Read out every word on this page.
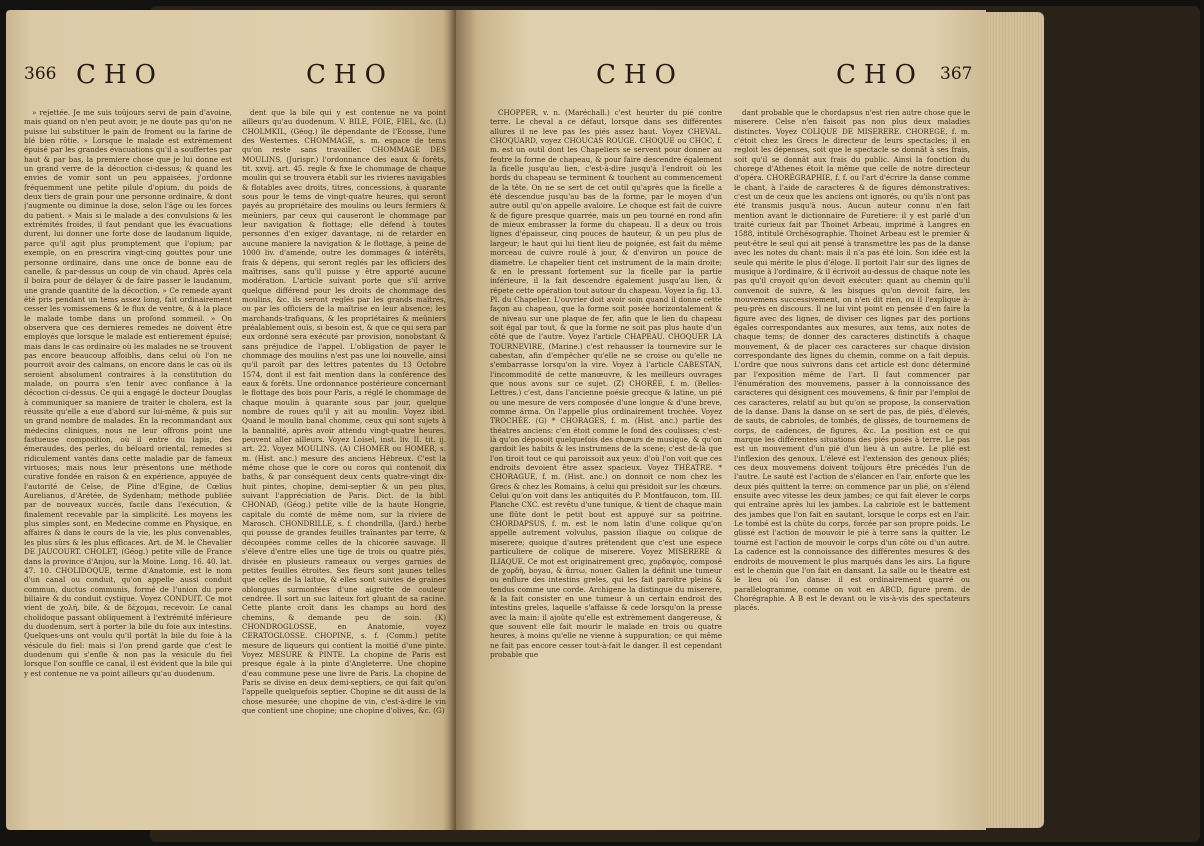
366 CHO	CHO

» rejettée. Je me suis toûjours servi de pain d'avoine, mais quand on n'en peut avoir, je ne doute pas qu'on ne puisse lui substituer le pain de froment ou la farine de blé bien rôtie. » Lorsque le malade est extrèmement épuisé par les grandes évacuations qu'il a souffertes par haut & par bas, la premiere chose que je lui donne est un grand verre de la décoction ci-dessus; & quand les envies de vomir sont un peu appaisées, j'ordonne fréquemment une petite pilule d'opium, du poids de deux tiers de grain pour une personne ordinaire, & dont j'augmente ou diminue la dose, selon l'âge ou les forces du patient. » Mais si le malade a des convulsions & les extrémités froides, il faut pendant que les évacuations durent, lui donner une forte dose de laudanum liquide, parce qu'il agit plus promptement que l'opium; par exemple, on en prescrira vingt-cinq gouttes pour une personne ordinaire, dans une once de bonne eau de canelle, & par-dessus un coup de vin chaud. Après cela il boira pour de délayer & de faire passer le laudanum, une grande quantité de la décoction. » Ce remede ayant été pris pendant un tems assez long, fait ordinairement cesser les vomissemens & le flux de ventre, & à la place le malade tombe dans un profond sommeil. » On observera que ces dernieres remedes ne doivent être employés que lorsque le malade est entierement épuisé; mais dans le cas ordinaire où les malades ne se trouvent pas encore beaucoup affoiblis, dans celui où l'on ne pourroit avoir des calmans, on encore dans le cas où ils seroient absolument contraires à la constitution du malade, on pourra s'en tenir avec confiance à la décoction ci-dessus. Ce qui a engagé le docteur Douglas à communiquer sa maniere de traiter le cholera, est la réussite qu'elle a eue d'abord sur lui-même, & puis sur un grand nombre de malades. En la recommandant aux médecins cliniques, nous ne leur offrons point une fastueuse composition, où il entre du lapis, des émeraudes, des perles, du béloard oriental, remedes si ridiculement vantés dans cette maladie par de fameux virtuoses; mais nous leur présentons une méthode curative fondée en raison & en expérience, appuyée de l'autorité de Celse, de Pline d'Egine, de Cœlius Aurelianus, d'Arétée, de Sydenham; méthode publiée par de nouveaux succès, facile dans l'exécution, & finalement recevable par la simplicité. Les moyens les plus simples sont, en Medecine comme en Physique, en affaires & dans le cours de la vie, les plus convenables, les plus sûrs & les plus efficaces. Art. de M. le Chevalier DE JAUCOURT. CHOLET, (Géog.) petite ville de France dans la province d'Anjou, sur la Moine. Long. 16. 40. lat. 47. 10. CHOLIDOQUE, terme d'Anatomie, est le nom d'un canal ou conduit, qu'on appelle aussi conduit commun, ductus communis, formé de l'union du pore biliaire & du conduit cystique. Voyez CONDUIT. Ce mot vient de χολή, bile, & de δέχομαι, recevoir. Le canal cholidoque passant obliquement à l'extrémité inférieure du duodenum, sert à porter la bile du foie aux intestins. Quelques-uns ont voulu qu'il portât la bile du foie à la vésicule du fiel: mais si l'on prend garde que c'est le duodenum qui s'enfle & non pas la vésicule du fiel lorsque l'on souffle ce canal, il est évident que la bile qui y est contenue ne va point ailleurs qu'au duodenum.

dent que la bile qui y est contenue ne va point ailleurs qu'au duodenum. V. BILE, FOIE, FIEL, &c. (L) CHOLMKIL, (Géog.) île dépendante de l'Ecosse, l'une des Westernes. CHOMMAGE, s. m. espace de tems qu'on reste sans travailler. CHOMMAGE DES MOULINS, (Jurispr.) l'ordonnance des eaux & forêts, tit. xxvij. art. 45. regle & fixe le chommage de chaque moulin qui se trouvera établi sur les rivieres navigables & flotables avec droits, titres, concessions, à quarante sous pour le tems de vingt-quatre heures, qui seront payés au propriétaire des moulins ou leurs fermiers & meûniers, par ceux qui causeront le chommage par leur navigation & flottage; elle défend à toutes personnes d'en exiger davantage, ni de retarder en aucune maniere la navigation & le flottage, à peine de 1000 liv. d'amende, outre les dommages & intérêts, frais & dépens, qui seront reglés par les officiers des maîtrises, sans qu'il puisse y être apporté aucune modération. L'article suivant porte que s'il arrive quelque différend pour les droits de chommage des moulins, &c. ils seront reglés par les grands maîtres, ou par les officiers de la maîtrise en leur absence; les marchands-trafiquans, & les propriétaires & meûniers préalablement ouïs, si besoin est, & que ce qui sera par eux ordonné sera exécuté par provision, nonobstant & sans préjudice de l'appel. L'obligation de payer le chommage des moulins n'est pas une loi nouvelle, ainsi qu'il paroît par des lettres patentes du 13 Octobre 1574, dont il est fait mention dans la conférence des eaux & forêts. Une ordonnance postérieure concernant le flottage des bois pour Paris, a réglé le chommage de chaque moulin à quarante sous par jour, quelque nombre de roues qu'il y ait au moulin. Voyez ibid. Quand le moulin banal chomme, ceux qui sont sujets à la bannalité, après avoir attendu vingt-quatre heures, peuvent aller ailleurs. Voyez Loisel, inst. liv. II. tit. ij. art. 22. Voyez MOULINS. (A) CHOMER ou HOMER, s. m. (Hist. anc.) mesure des anciens Hébreux. C'est la même chose que le core ou coros qui contenoit dix baths, & par conséquent deux cents quatre-vingt dix-huit pintes, chopine, demi-septier & un peu plus, suivant l'appréciation de Paris. Dict. de la bibl. CHONAD, (Géog.) petite ville de la haute Hongrie, capitale du comté de même nom, sur la riviere de Marosch. CHONDRILLE, s. f. chondrilla, (Jard.) herbe qui pousse de grandes feuilles traînantes par terre, & découpées comme celles de la chicorée sauvage. Il s'éleve d'entre elles une tige de trois ou quatre piés, divisée en plusieurs rameaux ou verges garnies de petites feuilles étroites. Ses fleurs sont jaunes telles que celles de la laitue, & elles sont suivies de graines oblongues surmontées d'une aigrette de couleur cendrée. Il sort un suc laiteux fort gluant de sa racine. Cette plante croît dans les champs au bord des chemins, & demande peu de soin. (K) CHONDROGLOSSE, en Anatomie, voyez CERATOGLOSSE. CHOPINE, s. f. (Comm.) petite mesure de liqueurs qui contient la moitié d'une pinte. Voyez MESURE & PINTE. La chopine de Paris est presque égale à la pinte d'Angleterre. Une chopine d'eau commune pese une livre de Paris. La chopine de Paris se divise en deux demi-septiers, ce qui fait qu'on l'appelle quelquefois septier. Chopine se dit aussi de la chose mesurée; une chopine de vin, c'est-à-dire le vin que contient une chopine; une chopine d'olives, &c. (G)

CHO	CHO 367

CHOPPER, v. n. (Maréchall.) c'est heurter du pié contre terre. Le cheval a ce défaut, lorsque dans ses différentes allures il ne leve pas les piés assez haut. Voyez CHEVAL. CHOQUARD, voyez CHOUCAS ROUGE. CHOQUE ou CHOC, f. m. est un outil dont les Chapeliers se servent pour donner au feutre la forme de chapeau, & pour faire descendre également la ficelle jusqu'au lien, c'est-à-dire jusqu'à l'endroit où les bords du chapeau se terminent & touchent au commencement de la tête. On ne se sert de cet outil qu'après que la ficelle a été descendue jusqu'au bas de la forme, par le moyen d'un autre outil qu'on appelle avaloire. Le choque est fait de cuivre & de figure presque quarrée, mais un peu tourné en rond afin de mieux embrasser la forme du chapeau. Il a deux ou trois lignes d'épaisseur, cinq pouces de hauteur, & un peu plus de largeur; le haut qui lui tient lieu de poignée, est fait du même morceau de cuivre roulé à jour, & d'environ un pouce de diametre. Le chapelier tient cet instrument de la main droite; & en le pressant fortement sur la ficelle par la partie inférieure, il la fait descendre également jusqu'au lien, & répete cette opération tout autour du chapeau. Voyez la fig. 13. Pl. du Chapelier. L'ouvrier doit avoir soin quand il donne cette façon au chapeau, que la forme soit posée horizontalement & de niveau sur une plaque de fer, afin que le lien du chapeau soit égal par tout, & que la forme ne soit pas plus haute d'un côté que de l'autre. Voyez l'article CHAPEAU. CHOQUER LA TOURNEVIRE, (Marine.) c'est rehausser la tournevire sur le cabestan, afin d'empêcher qu'elle ne se croise ou qu'elle ne s'embarrasse lorsqu'on la vire. Voyez à l'article CABESTAN, l'incommodité de cette manœuvre, & les meilleurs ouvrages que nous avons sur ce sujet. (Z) CHORÉE, f. m. (Belles-Lettres.) c'est, dans l'ancienne poésie grecque & latine, un pié ou une mesure de vers composée d'une longue & d'une breve, comme árma. On l'appelle plus ordinairement trochée. Voyez TROCHÉE. (G) * CHORAGES, f. m. (Hist. anc.) partie des théatres anciens: c'en étoit comme le fond des coulisses; c'est-là qu'on déposoit quelquefois des chœurs de musique, & qu'on gardoit les habits & les instrumens de la scene; c'est de-là que l'on tiroit tout ce qui paroissoit aux yeux: d'où l'on voit que ces endroits devoient être assez spacieux. Voyez THÉATRE. * CHORAGUE, f. m. (Hist. anc.) on donnoit ce nom chez les Grecs & chez les Romains, à celui qui présidoit sur les chœurs. Celui qu'on voit dans les antiquités du P. Montfaucon, tom. III. Planche CXC. est revêtu d'une tunique, & tient de chaque main une flûte dont le petit bout est appuyé sur sa poitrine. CHORDAPSUS, f. m. est le nom latin d'une colique qu'on appelle autrement volvulus, passion iliaque ou colique de miserere; quoique d'autres prétendent que c'est une espece particuliere de colique de miserere. Voyez MISERERE & ILIAQUE. Ce mot est originairement grec, χορδαψὸς, composé de χορδὴ, boyau, & ἅπτω, nouer. Galien la définit une tumeur ou enflure des intestins greles, qui les fait paroître pleins & tendus comme une corde. Archigene la distingue du miserere, & la fait consister en une tumeur à un certain endroit des intestins greles, laquelle s'affaisse & cede lorsqu'on la presse avec la main: il ajoûte qu'elle est extrèmement dangereuse, & que souvent elle fait mourir le malade en trois ou quatre heures, à moins qu'elle ne vienne à suppuration; ce qui même ne fait pas encore cesser tout-à-fait le danger. Il est cependant probable que

dant probable que le chordapsus n'est rien autre chose que le miserere. Celse n'en faisoit pas non plus deux maladies distinctes. Voyez COLIQUE DE MISERERE. CHOREGE, f. m. c'étoit chez les Grecs le directeur de leurs spectacles; il en regloit les dépenses, soit que le spectacle se donnât à ses frais, soit qu'il se donnât aux frais du public. Ainsi la fonction du chorege d'Athenes étoit la même que celle de notre directeur d'opéra. CHORÉGRAPHIE, f. f. ou l'art d'écrire la danse comme le chant, à l'aide de caracteres & de figures démonstratives: c'est un de ceux que les anciens ont ignorés, ou qu'ils n'ont pas été transmis jusqu'à nous. Aucun auteur connu n'en fait mention avant le dictionnaire de Furetiere: il y est parlé d'un traité curieux fait par Thoinet Arbeau, imprimé à Langres en 1588, intitulé Orchésographie. Thoinet Arbeau est le premier & peut-être le seul qui ait pensé à transmettre les pas de la danse avec les notes du chant: mais il n'a pas été loin. Son idée est la seule qui mérite le plus d'éloge. Il portoit l'air sur des lignes de musique à l'ordinaire, & il écrivoit au-dessus de chaque note les pas qu'il croyoit qu'on devoit exécuter: quant au chemin qu'il convenoit de suivre, & les bisques qu'on devoit faire, les mouvemens successivement, on n'en dit rien, ou il l'explique à-peu-près en discours. Il ne lui vint point en pensée d'en faire la figure avec des lignes, de diviser ces lignes par des portions égales correspondantes aux mesures, aux tems, aux notes de chaque tems; de donner des caracteres distinctifs à chaque mouvement, & de placer ces caracteres sur chaque division correspondante des lignes du chemin, comme on a fait depuis. L'ordre que nous suivrons dans cet article est donc déterminé par l'exposition même de l'art. Il faut commencer par l'énumération des mouvemens, passer à la connoissance des caracteres qui désignent ces mouvemens, & finir par l'emploi de ces caracteres, relatif au but qu'on se propose, la conservation de la danse. Dans la danse on se sert de pas, de piés, d'élevés, de sauts, de cabrioles, de tombés, de glissés, de tournemens de corps, de cadences, de figures, &c. La position est ce qui marque les différentes situations des piés posés à terre. Le pas est un mouvement d'un pié d'un lieu à un autre. Le plié est l'inflexion des genoux. L'élevé est l'extension des genoux pliés; ces deux mouvemens doivent toûjours être précédés l'un de l'autre. Le sauté est l'action de s'élancer en l'air, enforte que les deux piés quittent la terre: on commence par un plié, on s'élend ensuite avec vitesse les deux jambes; ce qui fait élever le corps qui entraîne après lui les jambes. La cabriole est le battement des jambes que l'on fait en sautant, lorsque le corps est en l'air. Le tombé est la chûte du corps, forcée par son propre poids. Le glissé est l'action de mouvoir le pié à terre sans la quitter. Le tourné est l'action de mouvoir le corps d'un côté ou d'un autre. La cadence est la connoissance des différentes mesures & des endroits de mouvement le plus marqués dans les airs. La figure est le chemin que l'on fait en dansant. La salle ou le théatre est le lieu où l'on danse: il est ordinairement quarré ou parallelogramme, comme on voit en ABCD, figure prem. de Chorégraphie. A B est le devant ou le vis-à-vis des spectateurs placés.
